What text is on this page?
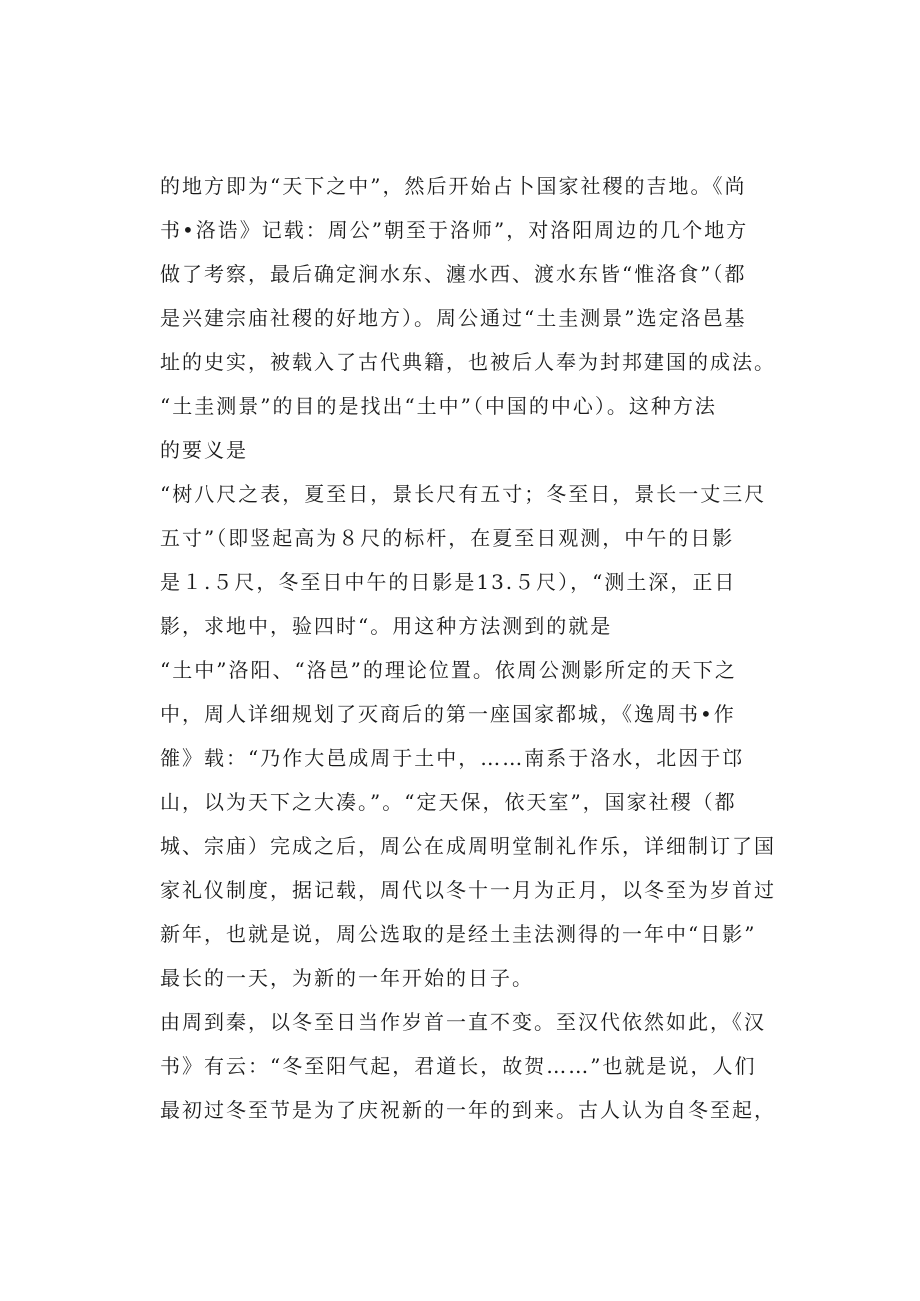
的地方即为“天下之中”，然后开始占卜国家社稷的吉地。《尚
书•洛诰》记载：周公”朝至于洛师”，对洛阳周边的几个地方
做了考察，最后确定涧水东、瀍水西、渡水东皆“惟洛食”（都
是兴建宗庙社稷的好地方）。周公通过“土圭测景”选定洛邑基
址的史实，被载入了古代典籍，也被后人奉为封邦建国的成法。
“土圭测景”的目的是找出“土中”（中国的中心）。这种方法
的要义是
“树八尺之表，夏至日，景长尺有五寸；冬至日，景长一丈三尺
五寸”（即竖起高为８尺的标杆，在夏至日观测，中午的日影
是１.５尺，冬至日中午的日影是13.５尺），“测土深，正日
影，求地中，验四时“。用这种方法测到的就是
“土中”洛阳、“洛邑”的理论位置。依周公测影所定的天下之
中，周人详细规划了灭商后的第一座国家都城，《逸周书•作
雒》载：“乃作大邑成周于土中，……南系于洛水，北因于邙
山，以为天下之大凑。”。“定天保，依天室”，国家社稷（都
城、宗庙）完成之后，周公在成周明堂制礼作乐，详细制订了国
家礼仪制度，据记载，周代以冬十一月为正月，以冬至为岁首过
新年，也就是说，周公选取的是经土圭法测得的一年中“日影”
最长的一天，为新的一年开始的日子。
由周到秦，以冬至日当作岁首一直不变。至汉代依然如此，《汉
书》有云：“冬至阳气起，君道长，故贺……”也就是说，人们
最初过冬至节是为了庆祝新的一年的到来。古人认为自冬至起，
